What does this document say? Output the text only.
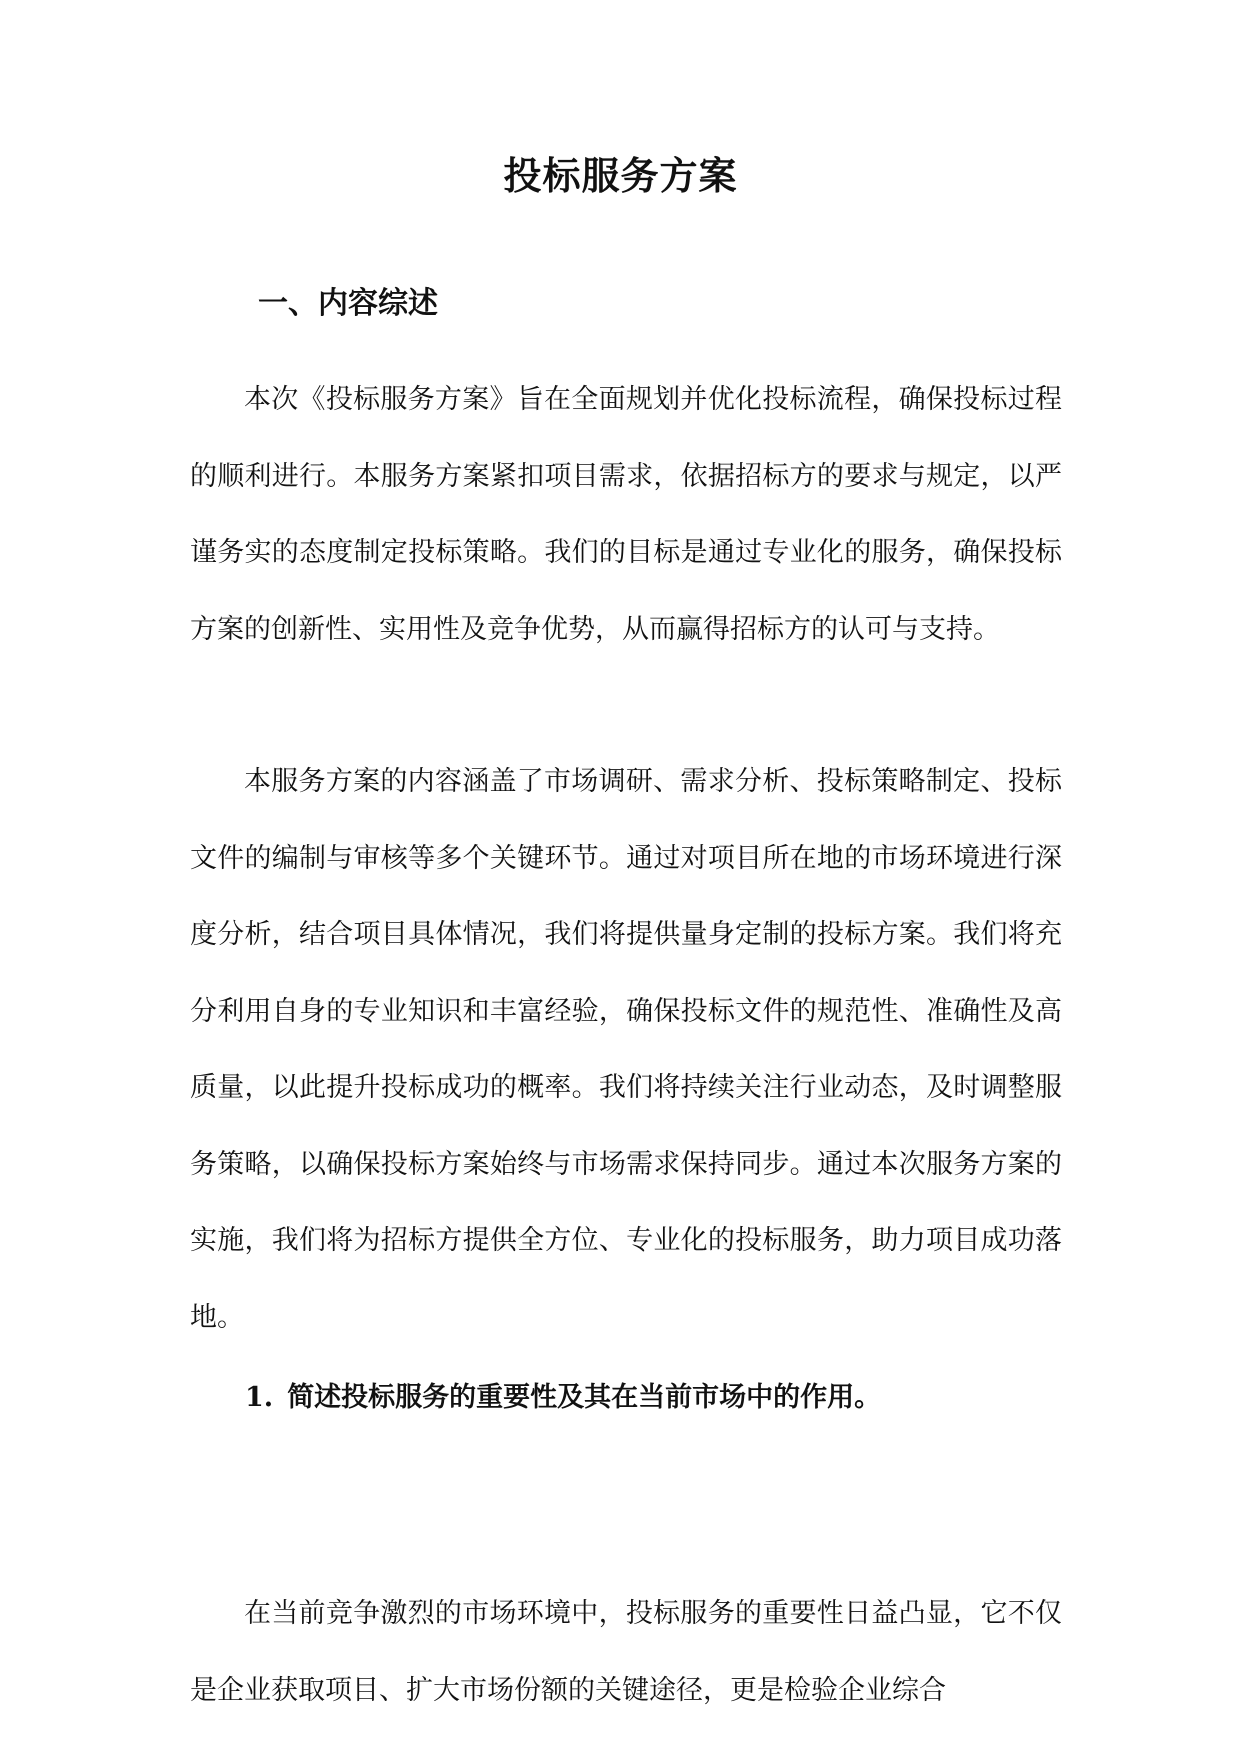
投标服务方案
一、内容综述

本次《投标服务方案》旨在全面规划并优化投标流程，确保投标过程的顺利进行。本服务方案紧扣项目需求，依据招标方的要求与规定，以严谨务实的态度制定投标策略。我们的目标是通过专业化的服务，确保投标方案的创新性、实用性及竞争优势，从而赢得招标方的认可与支持。

本服务方案的内容涵盖了市场调研、需求分析、投标策略制定、投标文件的编制与审核等多个关键环节。通过对项目所在地的市场环境进行深度分析，结合项目具体情况，我们将提供量身定制的投标方案。我们将充分利用自身的专业知识和丰富经验，确保投标文件的规范性、准确性及高质量，以此提升投标成功的概率。我们将持续关注行业动态，及时调整服务策略，以确保投标方案始终与市场需求保持同步。通过本次服务方案的实施，我们将为招标方提供全方位、专业化的投标服务，助力项目成功落地。

1. 简述投标服务的重要性及其在当前市场中的作用。

在当前竞争激烈的市场环境中，投标服务的重要性日益凸显，它不仅是企业获取项目、扩大市场份额的关键途径，更是检验企业综合
